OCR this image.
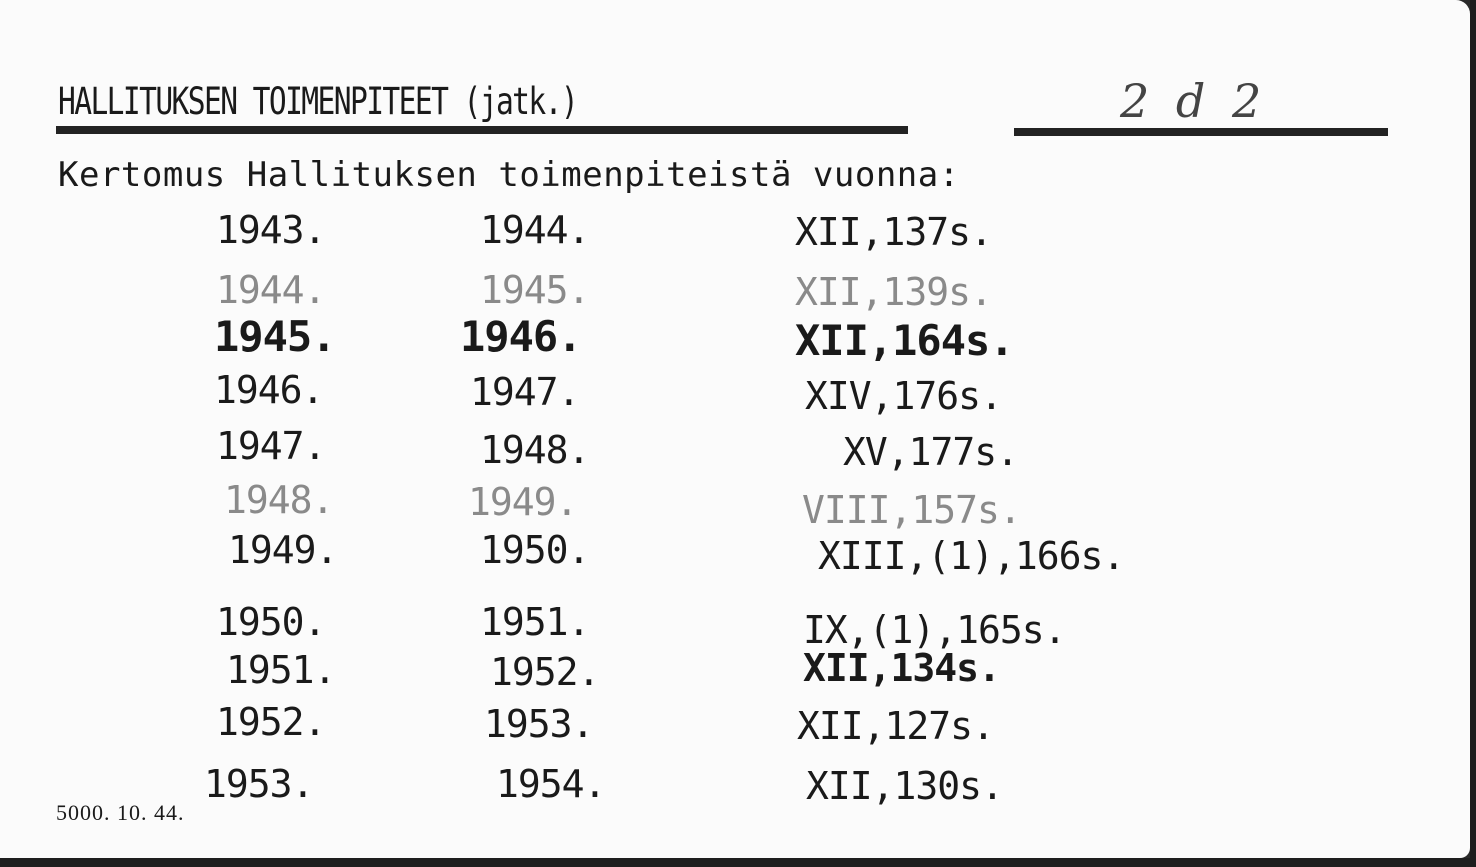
HALLITUKSEN TOIMENPITEET (jatk.)	2 d 2
Kertomus Hallituksen toimenpiteistä vuonna:
1943.	1944.	XII,137s.
1944.	1945.	XII,139s.
1945.	1946.	XII,164s.
1946.	1947.	XIV,176s.
1947.	1948.	XV,177s.
1948.	1949.	VIII,157s.
1949.	1950.	XIII,(1),166s.
1950.	1951.	IX,(1),165s.
1951.	1952.	XII,134s.
1952.	1953.	XII,127s.
1953.	1954.	XII,130s.
5000. 10. 44.
